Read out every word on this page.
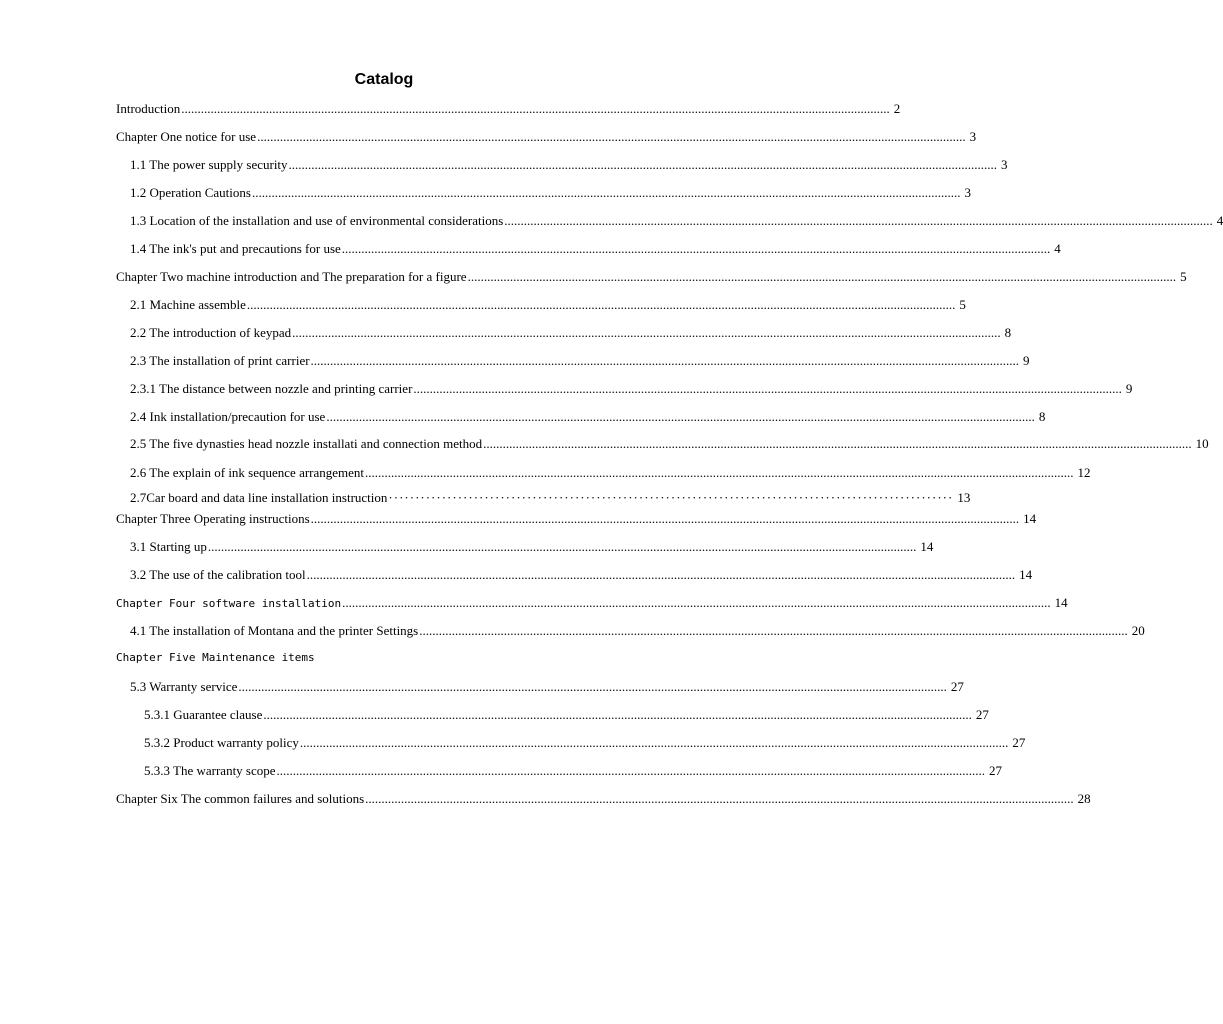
Catalog
Introduction .......................................................................................................................................................................................................................... 2
Chapter One notice for use .......................................................................................................................................................................................................................... 3
1.1 The power supply security .......................................................................................................................................................................................................................... 3
1.2 Operation Cautions .......................................................................................................................................................................................................................... 3
1.3 Location of the installation and use of environmental considerations .......................................................................................................................................................................................................................... 4
1.4 The ink's put and precautions for use .......................................................................................................................................................................................................................... 4
Chapter Two machine introduction and The preparation for a figure .......................................................................................................................................................................................................................... 5
2.1 Machine assemble .......................................................................................................................................................................................................................... 5
2.2 The introduction of keypad .......................................................................................................................................................................................................................... 8
2.3 The installation of print carrier .......................................................................................................................................................................................................................... 9
2.3.1 The distance between nozzle and printing carrier .......................................................................................................................................................................................................................... 9
2.4 Ink installation/precaution for use .......................................................................................................................................................................................................................... 8
2.5 The five dynasties head nozzle installati and connection method .......................................................................................................................................................................................................................... 10
2.6 The explain of ink sequence arrangement .......................................................................................................................................................................................................................... 12
2.7Car board and data line installation instruction ·········································································································· 13
Chapter Three Operating instructions .......................................................................................................................................................................................................................... 14
3.1 Starting up .......................................................................................................................................................................................................................... 14
3.2 The use of the calibration tool .......................................................................................................................................................................................................................... 14
Chapter Four software installation .......................................................................................................................................................................................................................... 14
4.1 The installation of Montana and the printer Settings .......................................................................................................................................................................................................................... 20
Chapter Five Maintenance items
5.3 Warranty service .......................................................................................................................................................................................................................... 27
5.3.1 Guarantee clause .......................................................................................................................................................................................................................... 27
5.3.2 Product warranty policy .......................................................................................................................................................................................................................... 27
5.3.3 The warranty scope .......................................................................................................................................................................................................................... 27
Chapter Six The common failures and solutions .......................................................................................................................................................................................................................... 28
